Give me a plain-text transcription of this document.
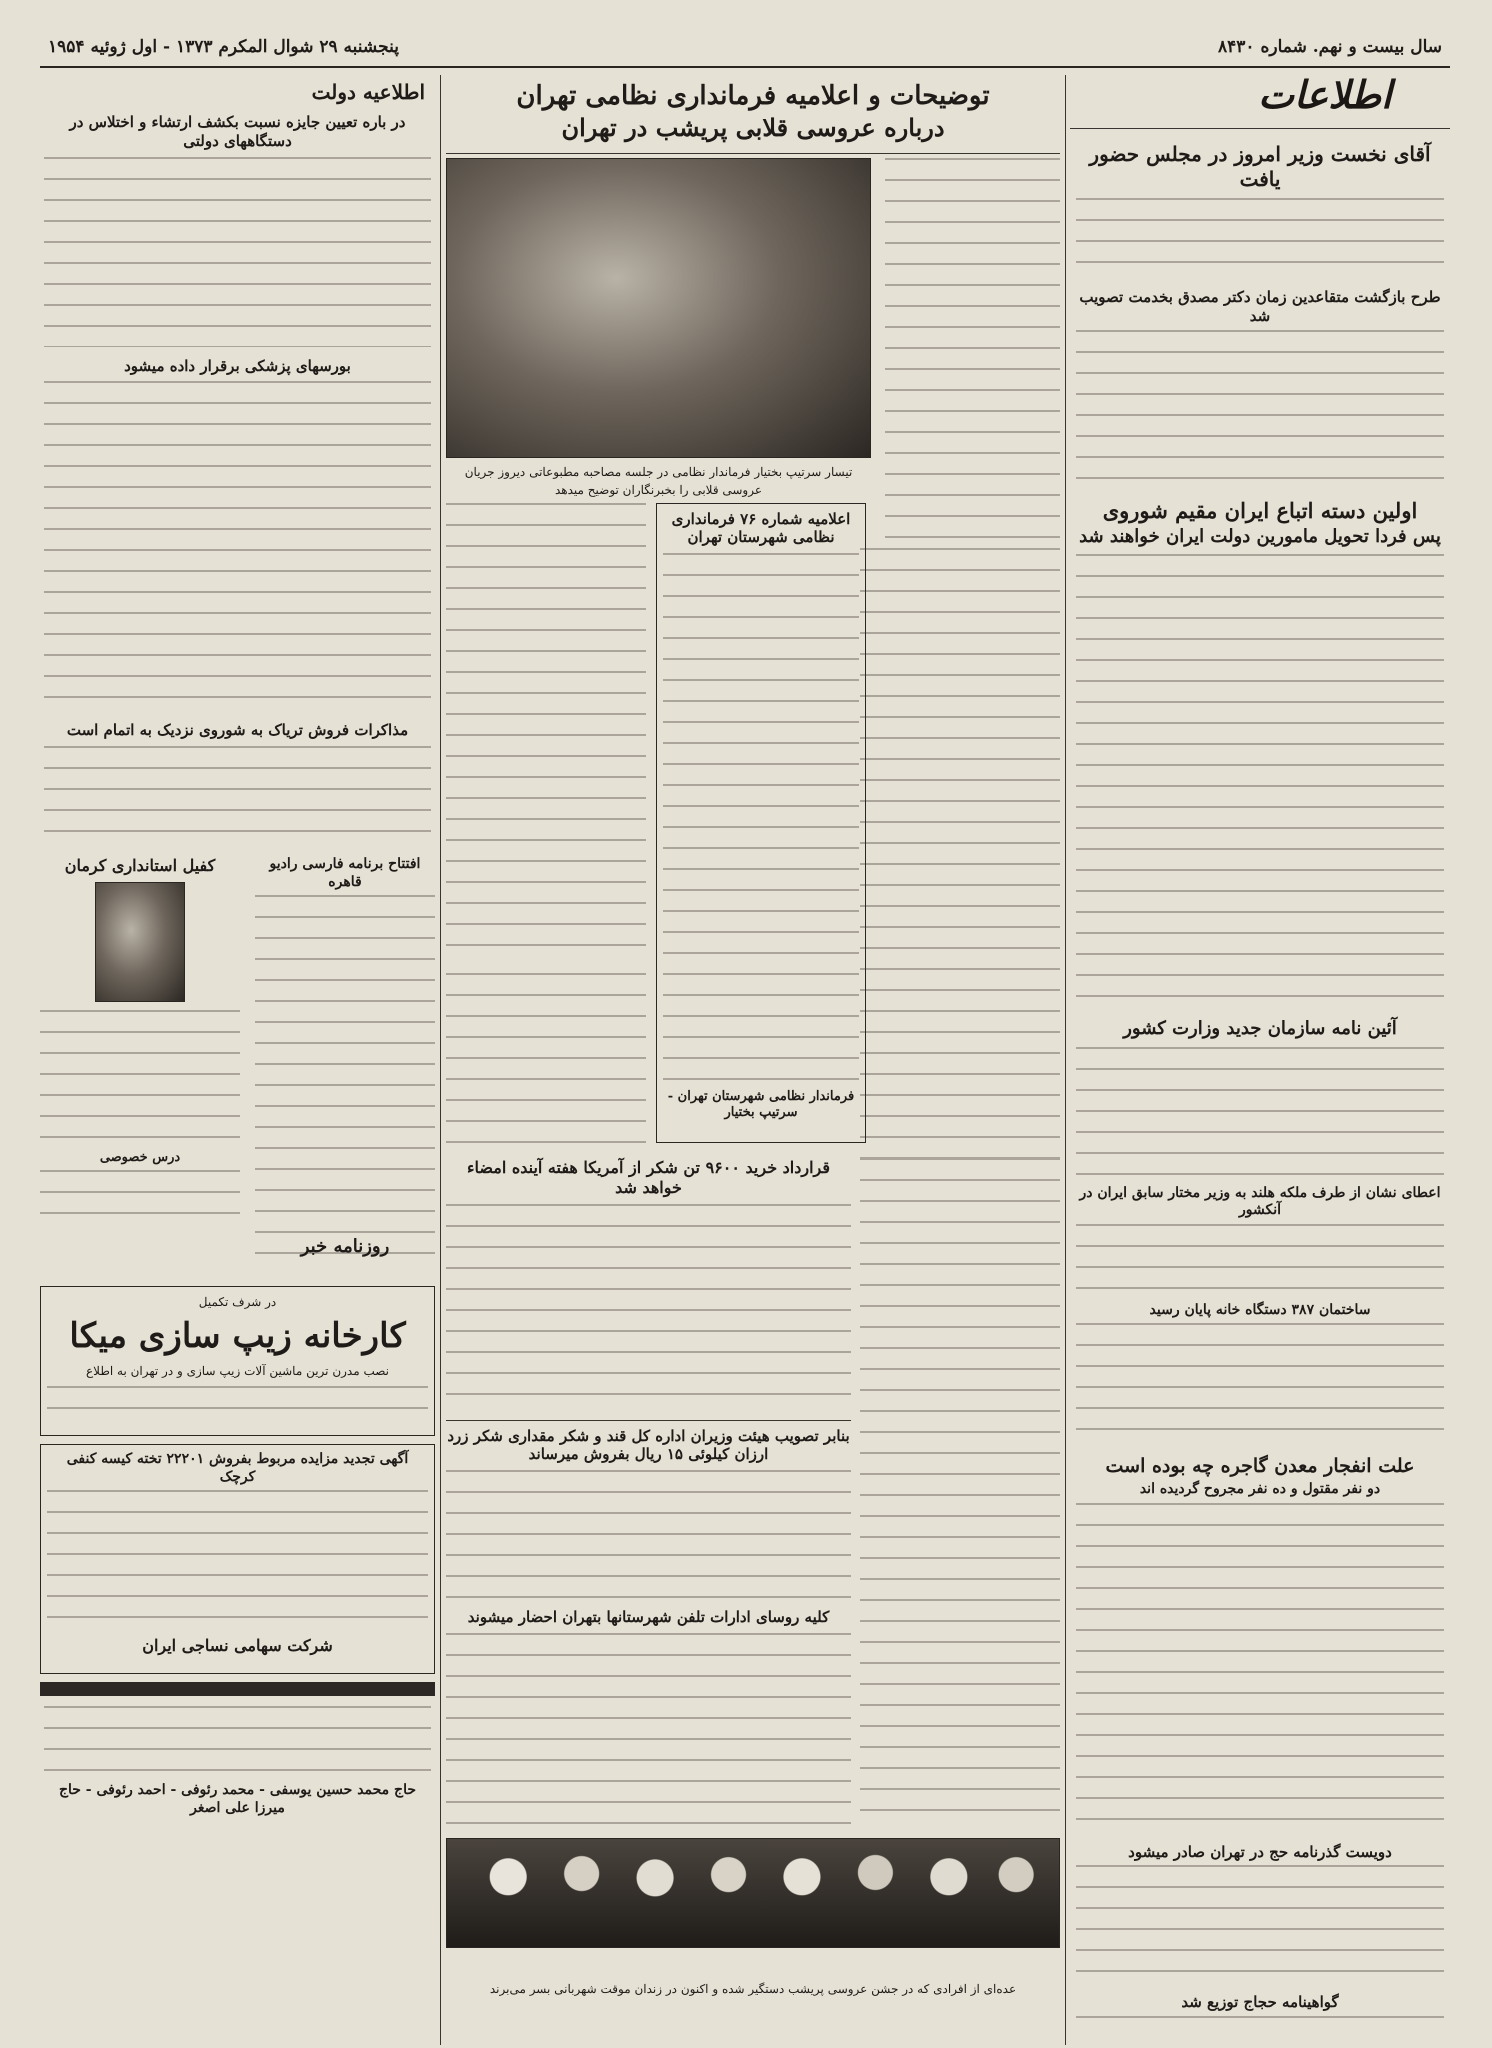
سال بیست و نهم. شماره ۸۴۳۰
پنجشنبه ۲۹ شوال المکرم ۱۳۷۳ - اول ژوئیه ۱۹۵۴
اطلاعات
آقای نخست وزیر امروز در مجلس حضور یافت
طرح بازگشت متقاعدین زمان دکتر مصدق بخدمت تصویب شد
اولین دسته اتباع ایران مقیم شوروی
پس فردا تحویل مامورین دولت ایران خواهند شد
آئین نامه سازمان جدید وزارت کشور
اعطای نشان از طرف ملکه هلند به وزیر مختار سابق ایران در آنکشور
ساختمان ۳۸۷ دستگاه خانه پایان رسید
علت انفجار معدن گاجره چه بوده است
دو نفر مقتول و ده نفر مجروح گردیده اند
دویست گذرنامه حج در تهران صادر میشود
گواهینامه حجاج توزیع شد
توضیحات و اعلامیه فرمانداری نظامی تهران
درباره عروسی قلابی پریشب در تهران
تیسار سرتیپ بختیار فرماندار نظامی در جلسه مصاحبه مطبوعاتی دیروز جریان عروسی قلابی را بخبرنگاران توضیح میدهد
اعلامیه شماره ۷۶ فرمانداری نظامی شهرستان تهران
فرماندار نظامی شهرستان تهران - سرتیپ بختیار
قرارداد خرید ۹۶۰۰ تن شکر از آمریکا هفته آینده امضاء خواهد شد
بنابر تصویب هیئت وزیران اداره کل قند و شکر مقداری شکر زرد ارزان کیلوئی ۱۵ ریال بفروش میرساند
کلیه روسای ادارات تلفن شهرستانها بتهران احضار میشوند
اطلاعیه دولت
در باره تعیین جایزه نسبت بکشف ارتشاء و اختلاس در دستگاههای دولتی
بورسهای پزشکی برقرار داده میشود
مذاکرات فروش تریاک به شوروی نزدیک به اتمام است
افتتاح برنامه فارسی رادیو قاهره
کفیل استانداری کرمان
درس خصوصی
روزنامه خبر
در شرف تکمیل
کارخانه زیپ سازی میکا
نصب مدرن ترین ماشین آلات زیپ سازی و در تهران به اطلاع
آگهی تجدید مزایده مربوط بفروش ۲۲۲۰۱ تخته کیسه کنفی کرچک
شرکت سهامی نساجی ایران
حاج محمد حسین یوسفی - محمد رئوفی - احمد رئوفی - حاج میرزا علی اصغر
عده‌ای از افرادی که در جشن عروسی پریشب دستگیر شده و اکنون در زندان موقت شهربانی بسر می‌برند
